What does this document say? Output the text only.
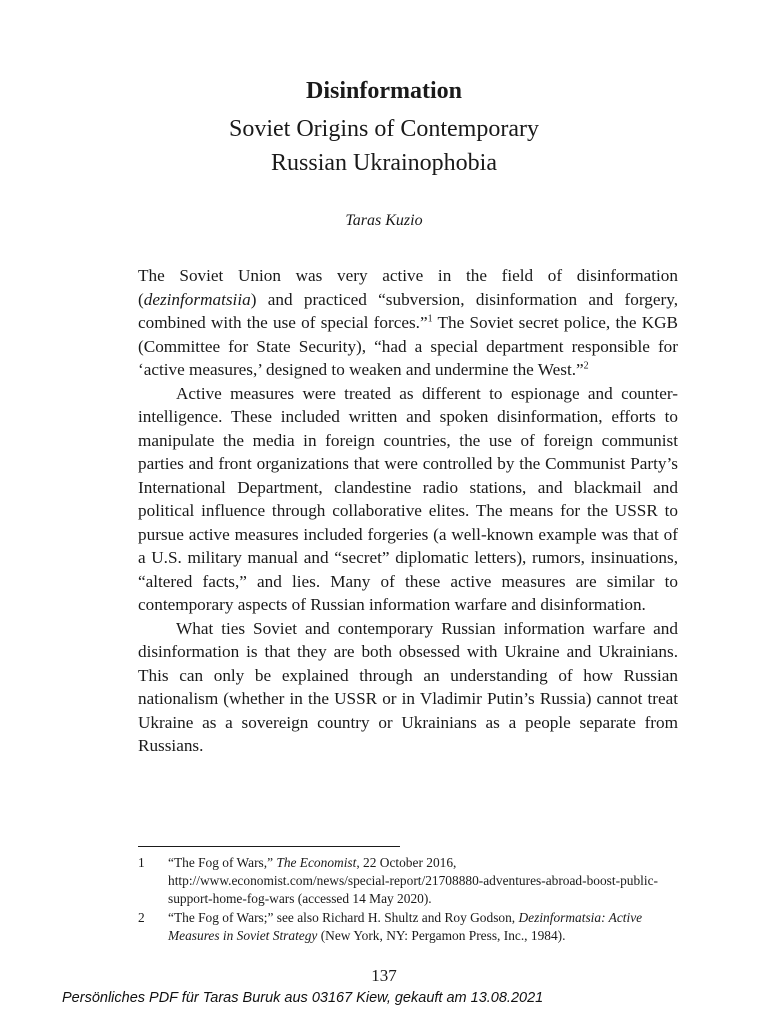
Disinformation
Soviet Origins of Contemporary
Russian Ukrainophobia
Taras Kuzio

The Soviet Union was very active in the field of disinformation (dezinformatsiia) and practiced “subversion, disinformation and forgery, combined with the use of special forces.”$^1$ The Soviet secret police, the KGB (Committee for State Security), “had a special department responsible for ‘active measures,’ designed to weaken and undermine the West.”$^2$

Active measures were treated as different to espionage and counter-intelligence. These included written and spoken disinformation, efforts to manipulate the media in foreign countries, the use of foreign communist parties and front organizations that were controlled by the Communist Party’s International Department, clandestine radio stations, and blackmail and political influence through collaborative elites. The means for the USSR to pursue active measures included forgeries (a well-known example was that of a U.S. military manual and “secret” diplomatic letters), rumors, insinuations, “altered facts,” and lies. Many of these active measures are similar to contemporary aspects of Russian information warfare and disinformation.

What ties Soviet and contemporary Russian information warfare and disinformation is that they are both obsessed with Ukraine and Ukrainians. This can only be explained through an understanding of how Russian nationalism (whether in the USSR or in Vladimir Putin’s Russia) cannot treat Ukraine as a sovereign country or Ukrainians as a people separate from Russians.

1	“The Fog of Wars,” The Economist, 22 October 2016, http://www.economist.com/news/special-report/21708880-adventures-abroad-boost-public-support-home-fog-wars (accessed 14 May 2020).
2	“The Fog of Wars;” see also Richard H. Shultz and Roy Godson, Dezinformatsia: Active Measures in Soviet Strategy (New York, NY: Pergamon Press, Inc., 1984).
137
Persönliches PDF für Taras Buruk aus 03167 Kiew, gekauft am 13.08.2021
